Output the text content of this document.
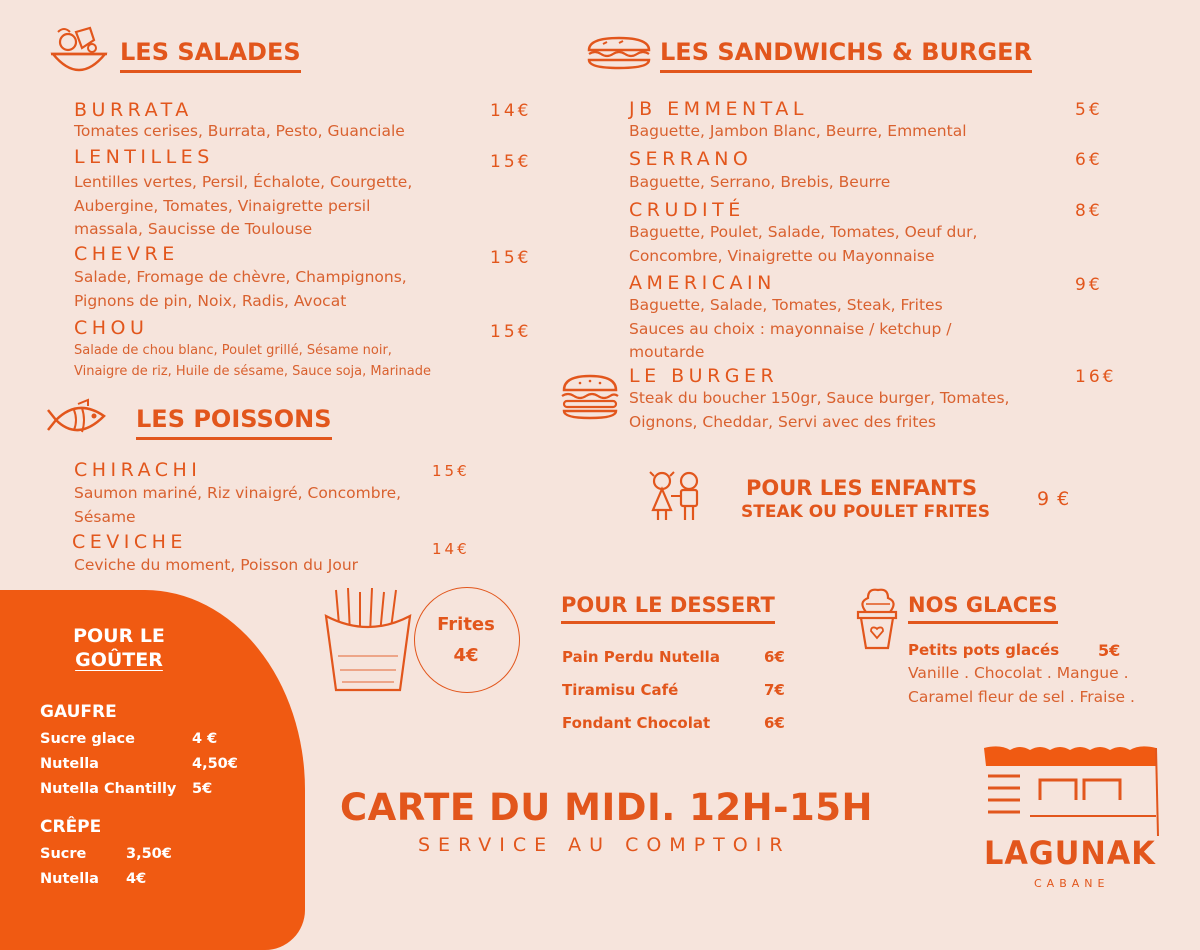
LES SALADES
BURRATA	14€
Tomates cerises, Burrata, Pesto, Guanciale
LENTILLES	15€
Lentilles vertes, Persil, Échalote, Courgette,
Aubergine, Tomates, Vinaigrette persil
massala, Saucisse de Toulouse
CHEVRE	15€
Salade, Fromage de chèvre, Champignons,
Pignons de pin, Noix, Radis, Avocat
CHOU	15€
Salade de chou blanc, Poulet grillé, Sésame noir,
Vinaigre de riz, Huile de sésame, Sauce soja, Marinade
LES POISSONS
CHIRACHI	15€
Saumon mariné, Riz vinaigré, Concombre,
Sésame
CEVICHE	14€
Ceviche du moment, Poisson du Jour
LES SANDWICHS & BURGER
JB EMMENTAL	5€
Baguette, Jambon Blanc, Beurre, Emmental
SERRANO	6€
Baguette, Serrano, Brebis, Beurre
CRUDITÉ	8€
Baguette, Poulet, Salade, Tomates, Oeuf dur,
Concombre, Vinaigrette ou Mayonnaise
AMERICAIN	9€
Baguette, Salade, Tomates, Steak, Frites
Sauces au choix : mayonnaise / ketchup /
moutarde
LE BURGER	16€
Steak du boucher 150gr, Sauce burger, Tomates,
Oignons, Cheddar, Servi avec des frites
POUR LES ENFANTS
STEAK OU POULET FRITES
9 €
Frites
4€
POUR LE DESSERT
Pain Perdu Nutella	6€
Tiramisu Café	7€
Fondant Chocolat	6€
NOS GLACES
Petits pots glacés 5€
Vanille . Chocolat . Mangue .
Caramel fleur de sel . Fraise .
POUR LE
GOÛTER
GAUFRE
Sucre glace	4 €
Nutella	4,50€
Nutella Chantilly 5€
CRÊPE
Sucre	3,50€
Nutella 4€
CARTE DU MIDI. 12H-15H
SERVICE AU COMPTOIR	LAGUNAK
CABANE
